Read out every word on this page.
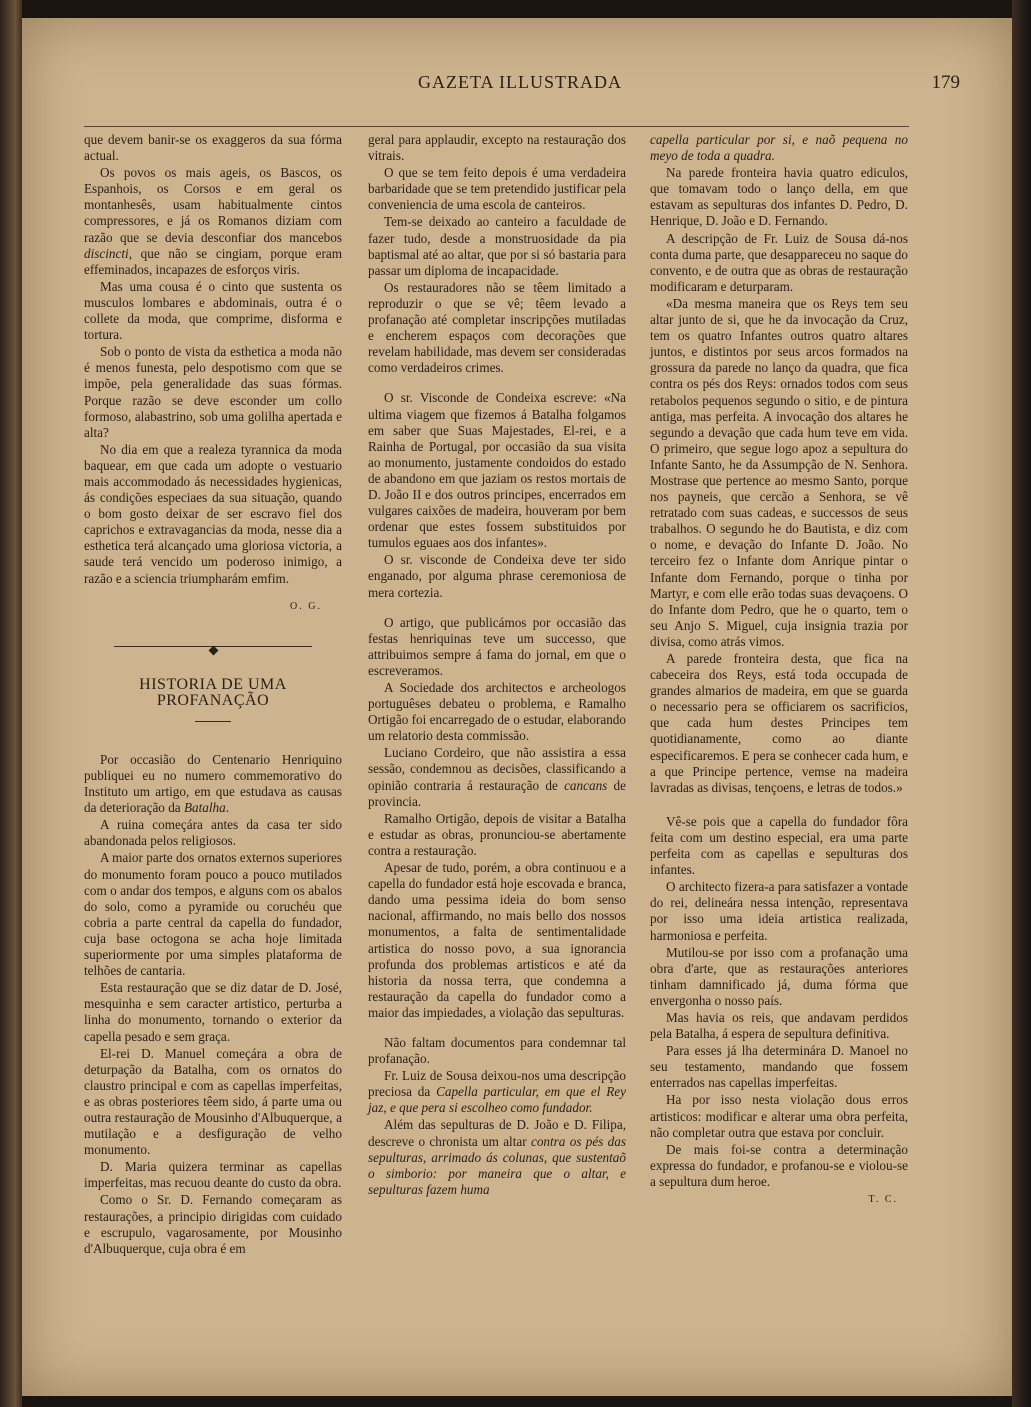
GAZETA ILLUSTRADA	179

que devem banir-se os exaggeros da sua fórma actual.

Os povos os mais ageis, os Bascos, os Espanhois, os Corsos e em geral os montanhesês, usam habitualmente cintos compressores, e já os Romanos diziam com razão que se devia desconfiar dos mancebos discincti, que não se cingiam, porque eram effeminados, incapazes de esforços viris.

Mas uma cousa é o cinto que sustenta os musculos lombares e abdominais, outra é o collete da moda, que comprime, disforma e tortura.

Sob o ponto de vista da esthetica a moda não é menos funesta, pelo despotismo com que se impõe, pela generalidade das suas fórmas. Porque razão se deve esconder um collo formoso, alabastrino, sob uma golilha apertada e alta?

No dia em que a realeza tyrannica da moda baquear, em que cada um adopte o vestuario mais accommodado ás necessidades hygienicas, ás condições especiaes da sua situação, quando o bom gosto deixar de ser escravo fiel dos caprichos e extravagancias da moda, nesse dia a esthetica terá alcançado uma gloriosa victoria, a saude terá vencido um poderoso inimigo, a razão e a sciencia triumpharám emfim.

O. G.
HISTORIA DE UMA PROFANAÇÃO

Por occasião do Centenario Henriquino publiquei eu no numero commemorativo do Instituto um artigo, em que estudava as causas da deterioração da Batalha.

A ruina começára antes da casa ter sido abandonada pelos religiosos.

A maior parte dos ornatos externos superiores do monumento foram pouco a pouco mutilados com o andar dos tempos, e alguns com os abalos do solo, como a pyramide ou coruchéu que cobria a parte central da capella do fundador, cuja base octogona se acha hoje limitada superiormente por uma simples plataforma de telhões de cantaria.

Esta restauração que se diz datar de D. José, mesquinha e sem caracter artistico, perturba a linha do monumento, tornando o exterior da capella pesado e sem graça.

El-rei D. Manuel começára a obra de deturpação da Batalha, com os ornatos do claustro principal e com as capellas imperfeitas, e as obras posteriores têem sido, á parte uma ou outra restauração de Mousinho d'Albuquerque, a mutilação e a desfiguração de velho monumento.

D. Maria quizera terminar as capellas imperfeitas, mas recuou deante do custo da obra.

Como o Sr. D. Fernando começaram as restaurações, a principio dirigidas com cuidado e escrupulo, vagarosamente, por Mousinho d'Albuquerque, cuja obra é em

geral para applaudir, excepto na restauração dos vitrais.

O que se tem feito depois é uma verdadeira barbaridade que se tem pretendido justificar pela conveniencia de uma escola de canteiros.

Tem-se deixado ao canteiro a faculdade de fazer tudo, desde a monstruosidade da pia baptismal até ao altar, que por si só bastaria para passar um diploma de incapacidade.

Os restauradores não se têem limitado a reproduzir o que se vê; têem levado a profanação até completar inscripções mutiladas e encherem espaços com decorações que revelam habilidade, mas devem ser consideradas como verdadeiros crimes.

O sr. Visconde de Condeixa escreve: «Na ultima viagem que fizemos á Batalha folgamos em saber que Suas Majestades, El-rei, e a Rainha de Portugal, por occasião da sua visita ao monumento, justamente condoidos do estado de abandono em que jaziam os restos mortais de D. João II e dos outros principes, encerrados em vulgares caixões de madeira, houveram por bem ordenar que estes fossem substituidos por tumulos eguaes aos dos infantes».

O sr. visconde de Condeixa deve ter sido enganado, por alguma phrase ceremoniosa de mera cortezia.

O artigo, que publicámos por occasião das festas henriquinas teve um successo, que attribuimos sempre á fama do jornal, em que o escreveramos.

A Sociedade dos architectos e archeologos portuguêses debateu o problema, e Ramalho Ortigão foi encarregado de o estudar, elaborando um relatorio desta commissão.

Luciano Cordeiro, que não assistira a essa sessão, condemnou as decisões, classificando a opinião contraria á restauração de cancans de provincia.

Ramalho Ortigão, depois de visitar a Batalha e estudar as obras, pronunciou-se abertamente contra a restauração.

Apesar de tudo, porém, a obra continuou e a capella do fundador está hoje escovada e branca, dando uma pessima ideia do bom senso nacional, affirmando, no mais bello dos nossos monumentos, a falta de sentimentalidade artistica do nosso povo, a sua ignorancia profunda dos problemas artisticos e até da historia da nossa terra, que condemna a restauração da capella do fundador como a maior das impiedades, a violação das sepulturas.

Não faltam documentos para condemnar tal profanação.

Fr. Luiz de Sousa deixou-nos uma descripção preciosa da Capella particular, em que el Rey jaz, e que pera si escolheo como fundador.

Além das sepulturas de D. João e D. Filipa, descreve o chronista um altar contra os pés das sepulturas, arrimado ás colunas, que sustentaõ o simborio: por maneira que o altar, e sepulturas fazem huma

capella particular por si, e naõ pequena no meyo de toda a quadra.

Na parede fronteira havia quatro ediculos, que tomavam todo o lanço della, em que estavam as sepulturas dos infantes D. Pedro, D. Henrique, D. João e D. Fernando.

A descripção de Fr. Luiz de Sousa dá-nos conta duma parte, que desappareceu no saque do convento, e de outra que as obras de restauração modificaram e deturparam.

«Da mesma maneira que os Reys tem seu altar junto de si, que he da invocação da Cruz, tem os quatro Infantes outros quatro altares juntos, e distintos por seus arcos formados na grossura da parede no lanço da quadra, que fica contra os pés dos Reys: ornados todos com seus retabolos pequenos segundo o sitio, e de pintura antiga, mas perfeita. A invocação dos altares he segundo a devação que cada hum teve em vida. O primeiro, que segue logo apoz a sepultura do Infante Santo, he da Assumpção de N. Senhora. Mostrase que pertence ao mesmo Santo, porque nos payneis, que cercão a Senhora, se vê retratado com suas cadeas, e successos de seus trabalhos. O segundo he do Bautista, e diz com o nome, e devação do Infante D. João. No terceiro fez o Infante dom Anrique pintar o Infante dom Fernando, porque o tinha por Martyr, e com elle erão todas suas devaçoens. O do Infante dom Pedro, que he o quarto, tem o seu Anjo S. Miguel, cuja insignia trazia por divisa, como atrás vimos.

A parede fronteira desta, que fica na cabeceira dos Reys, está toda occupada de grandes almarios de madeira, em que se guarda o necessario pera se officiarem os sacrificios, que cada hum destes Principes tem quotidianamente, como ao diante especificaremos. E pera se conhecer cada hum, e a que Principe pertence, vemse na madeira lavradas as divisas, tençoens, e letras de todos.»

Vê-se pois que a capella do fundador fôra feita com um destino especial, era uma parte perfeita com as capellas e sepulturas dos infantes.

O architecto fizera-a para satisfazer a vontade do rei, delineára nessa intenção, representava por isso uma ideia artistica realizada, harmoniosa e perfeita.

Mutilou-se por isso com a profanação uma obra d'arte, que as restaurações anteriores tinham damnificado já, duma fórma que envergonha o nosso país.

Mas havia os reis, que andavam perdidos pela Batalha, á espera de sepultura definitiva.

Para esses já lha determinára D. Manoel no seu testamento, mandando que fossem enterrados nas capellas imperfeitas.

Ha por isso nesta violação dous erros artisticos: modificar e alterar uma obra perfeita, não completar outra que estava por concluir.

De mais foi-se contra a determinação expressa do fundador, e profanou-se e violou-se a sepultura dum heroe.

T. C.
